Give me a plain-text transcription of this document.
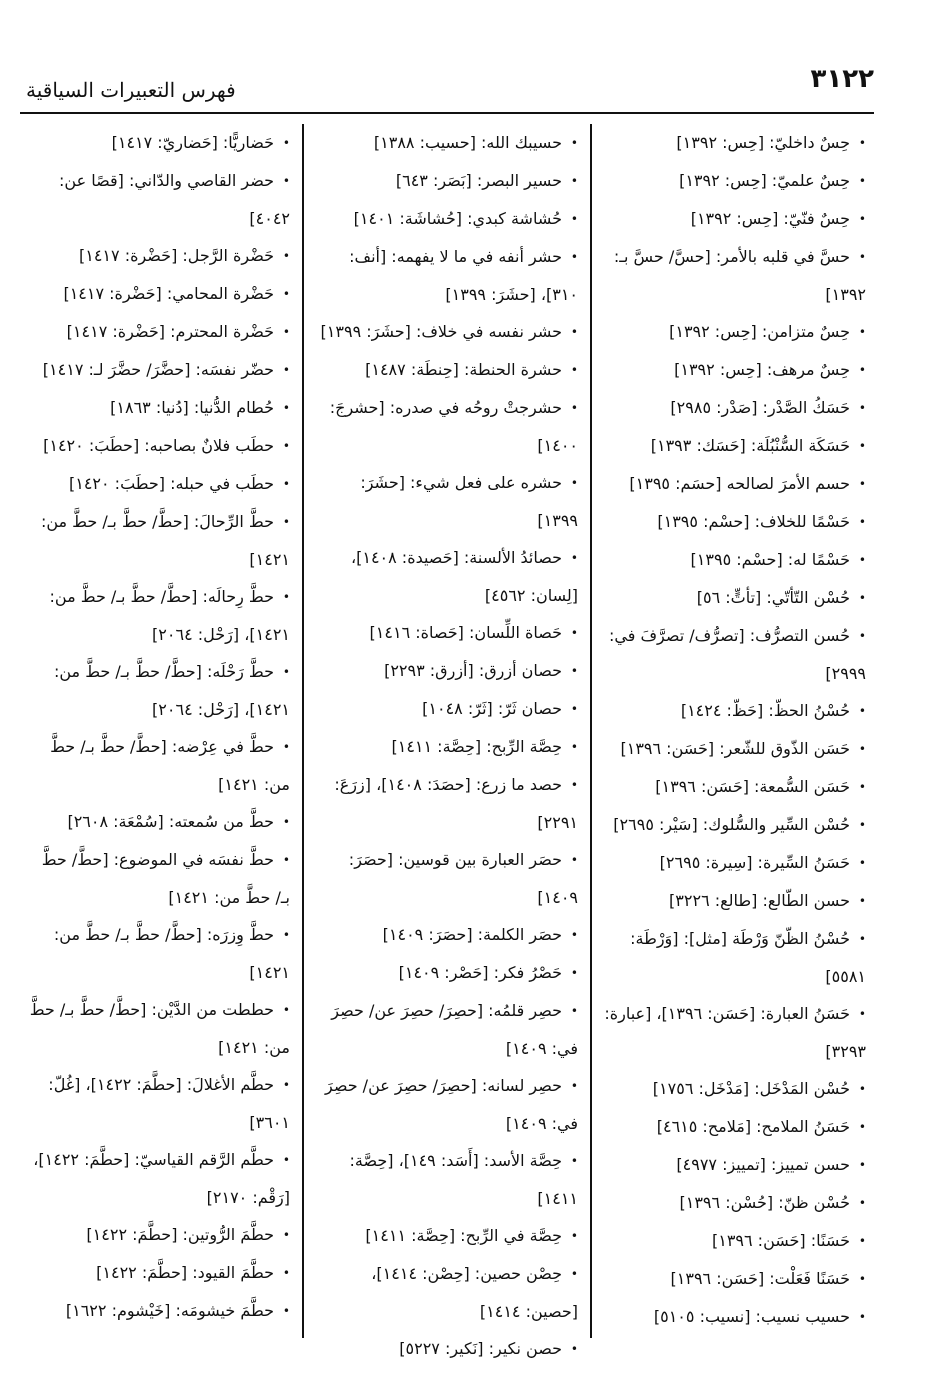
٣١٢٢
فهرس التعبيرات السياقية
•حِسٌ داخليّ: [حِس: ١٣٩٢]
•حِسٌ علميّ: [حِس: ١٣٩٢]
•حِسٌ فنّيّ: [حِس: ١٣٩٢]
•حسَّ في قلبه بالأمر: [حسَّ/ حسَّ بـ: ١٣٩٢]
•حِسٌ متزامن: [حِس: ١٣٩٢]
•حِسٌ مرهف: [حِس: ١٣٩٢]
•حَسَكُ الصَّدْر: [صَدْر: ٢٩٨٥]
•حَسَكَة السُّنْبُلَة: [حَسَك: ١٣٩٣]
•حسم الأمرَ لصالحه [حسَم: ١٣٩٥]
•حَسْمًا للخلاف: [حسْم: ١٣٩٥]
•حَسْمًا له: [حسْم: ١٣٩٥]
•حُسْن التّأتّي: [تأتٍّ: ٥٦]
•حُسن التصرُّف: [تصرُّف/ تصرَّفَ في: ٢٩٩٩]
•حُسْنُ الحظّ: [حَظّ: ١٤٢٤]
•حَسَن الذّوق للشّعر: [حَسَن: ١٣٩٦]
•حَسَن السُّمعة: [حَسَن: ١٣٩٦]
•حُسْن السِّير والسُّلوك: [سَيْر: ٢٦٩٥]
•حَسَنُ السِّيرة: [سِيرة: ٢٦٩٥]
•حسن الطّالع: [طالع: ٣٢٢٦]
•حُسْنُ الظّنّ وَرْطَة [مثل]: [وَرْطَة: ٥٥٨١]
•حَسَنُ العبارة: [حَسَن: ١٣٩٦]، [عبارة: ٣٢٩٣]
•حُسْن المَدْخَل: [مَدْخَل: ١٧٥٦]
•حَسَنُ الملامح: [مَلامح: ٤٦١٥]
•حسن تمييز: [تمييز: ٤٩٧٧]
•حُسْن ظنّ: [حُسْن: ١٣٩٦]
•حَسَنًا: [حَسَن: ١٣٩٦]
•حَسَنًا فَعَلْت: [حَسَن: ١٣٩٦]
•حسيب نسيب: [نسيب: ٥١٠٥]
•حسيبك الله: [حسيب: ١٣٨٨]
•حسير البصر: [بَصَر: ٦٤٣]
•حُشاشة كبدي: [حُشاشَة: ١٤٠١]
•حشر أنفه في ما لا يفهمه: [أنف: ٣١٠]، [حشَرَ: ١٣٩٩]
•حشر نفسه في خلاف: [حشَرَ: ١٣٩٩]
•حشرة الحنطة: [حِنطَة: ١٤٨٧]
•حشرجتْ روحُه في صدره: [حشرجَ: ١٤٠٠]
•حشره على فعل شيء: [حشَرَ: ١٣٩٩]
•حصائدُ الألسنة: [حَصيدة: ١٤٠٨]، [لِسان: ٤٥٦٢]
•حَصاة اللِّسان: [حَصاة: ١٤١٦]
•حصان أزرق: [أزرق: ٢٢٩٣]
•حصان ثَرّ: [ثَرّ: ١٠٤٨]
•حِصَّة الرِّبح: [حِصَّة: ١٤١١]
•حصد ما زرع: [حصَدَ: ١٤٠٨]، [زرَعَ: ٢٢٩١]
•حصَر العبارة بين قوسين: [حصَرَ: ١٤٠٩]
•حصَر الكلمة: [حصَرَ: ١٤٠٩]
•حَصْرُ فكر: [حَصْر: ١٤٠٩]
•حصِر قلمُه: [حصِرَ/ حصِرَ عن/ حصِرَ في: ١٤٠٩]
•حصِر لسانه: [حصِرَ/ حصِرَ عن/ حصِرَ في: ١٤٠٩]
•حِصَّة الأسد: [أَسَد: ١٤٩]، [حِصَّة: ١٤١١]
•حِصَّة في الرِّبح: [حِصَّة: ١٤١١]
•حِصْن حصين: [حِصْن: ١٤١٤]، [حصين: ١٤١٤]
•حصن نكير: [نَكير: ٥٢٢٧]
•حَضاريًّا: [حَضاريّ: ١٤١٧]
•حضر القاصي والدّاني: [قصًا عن: ٤٠٤٢]
•حَضْرة الرَّجل: [حَضْرة: ١٤١٧]
•حَضْرة المحامي: [حَضْرة: ١٤١٧]
•حَضْرة المحترم: [حَضْرة: ١٤١٧]
•حضّر نفسَه: [حضَّرَ/ حضَّرَ لـ: ١٤١٧]
•حُطام الدُّنيا: [دُنيا: ١٨٦٣]
•حطَب فلانٌ بصاحبه: [حطَبَ: ١٤٢٠]
•حطَب في حبله: [حطَبَ: ١٤٢٠]
•حطَّ الرِّحالَ: [حطَّ/ حطَّ بـ/ حطَّ من: ١٤٢١]
•حطَّ رِحالَه: [حطَّ/ حطَّ بـ/ حطَّ من: ١٤٢١]، [رَحْل: ٢٠٦٤]
•حطَّ رَحْلَه: [حطَّ/ حطَّ بـ/ حطَّ من: ١٤٢١]، [رَحْل: ٢٠٦٤]
•حطَّ في عِرْضه: [حطَّ/ حطَّ بـ/ حطَّ من: ١٤٢١]
•حطَّ من سُمعته: [سُمْعَة: ٢٦٠٨]
•حطَّ نفسَه في الموضوع: [حطَّ/ حطَّ بـ/ حطَّ من: ١٤٢١]
•حطَّ وِزرَه: [حطَّ/ حطَّ بـ/ حطَّ من: ١٤٢١]
•حططت من الدَّيْن: [حطَّ/ حطَّ بـ/ حطَّ من: ١٤٢١]
•حطَّم الأغلالَ: [حطَّمَ: ١٤٢٢]، [غُلّ: ٣٦٠١]
•حطَّم الرَّقم القياسيّ: [حطَّمَ: ١٤٢٢]، [رَقْم: ٢١٧٠]
•حطَّمَ الرُّوتين: [حطَّمَ: ١٤٢٢]
•حطَّمَ القيود: [حطَّمَ: ١٤٢٢]
•حطَّمَ خيشومَه: [خَيْشوم: ١٦٢٢]
